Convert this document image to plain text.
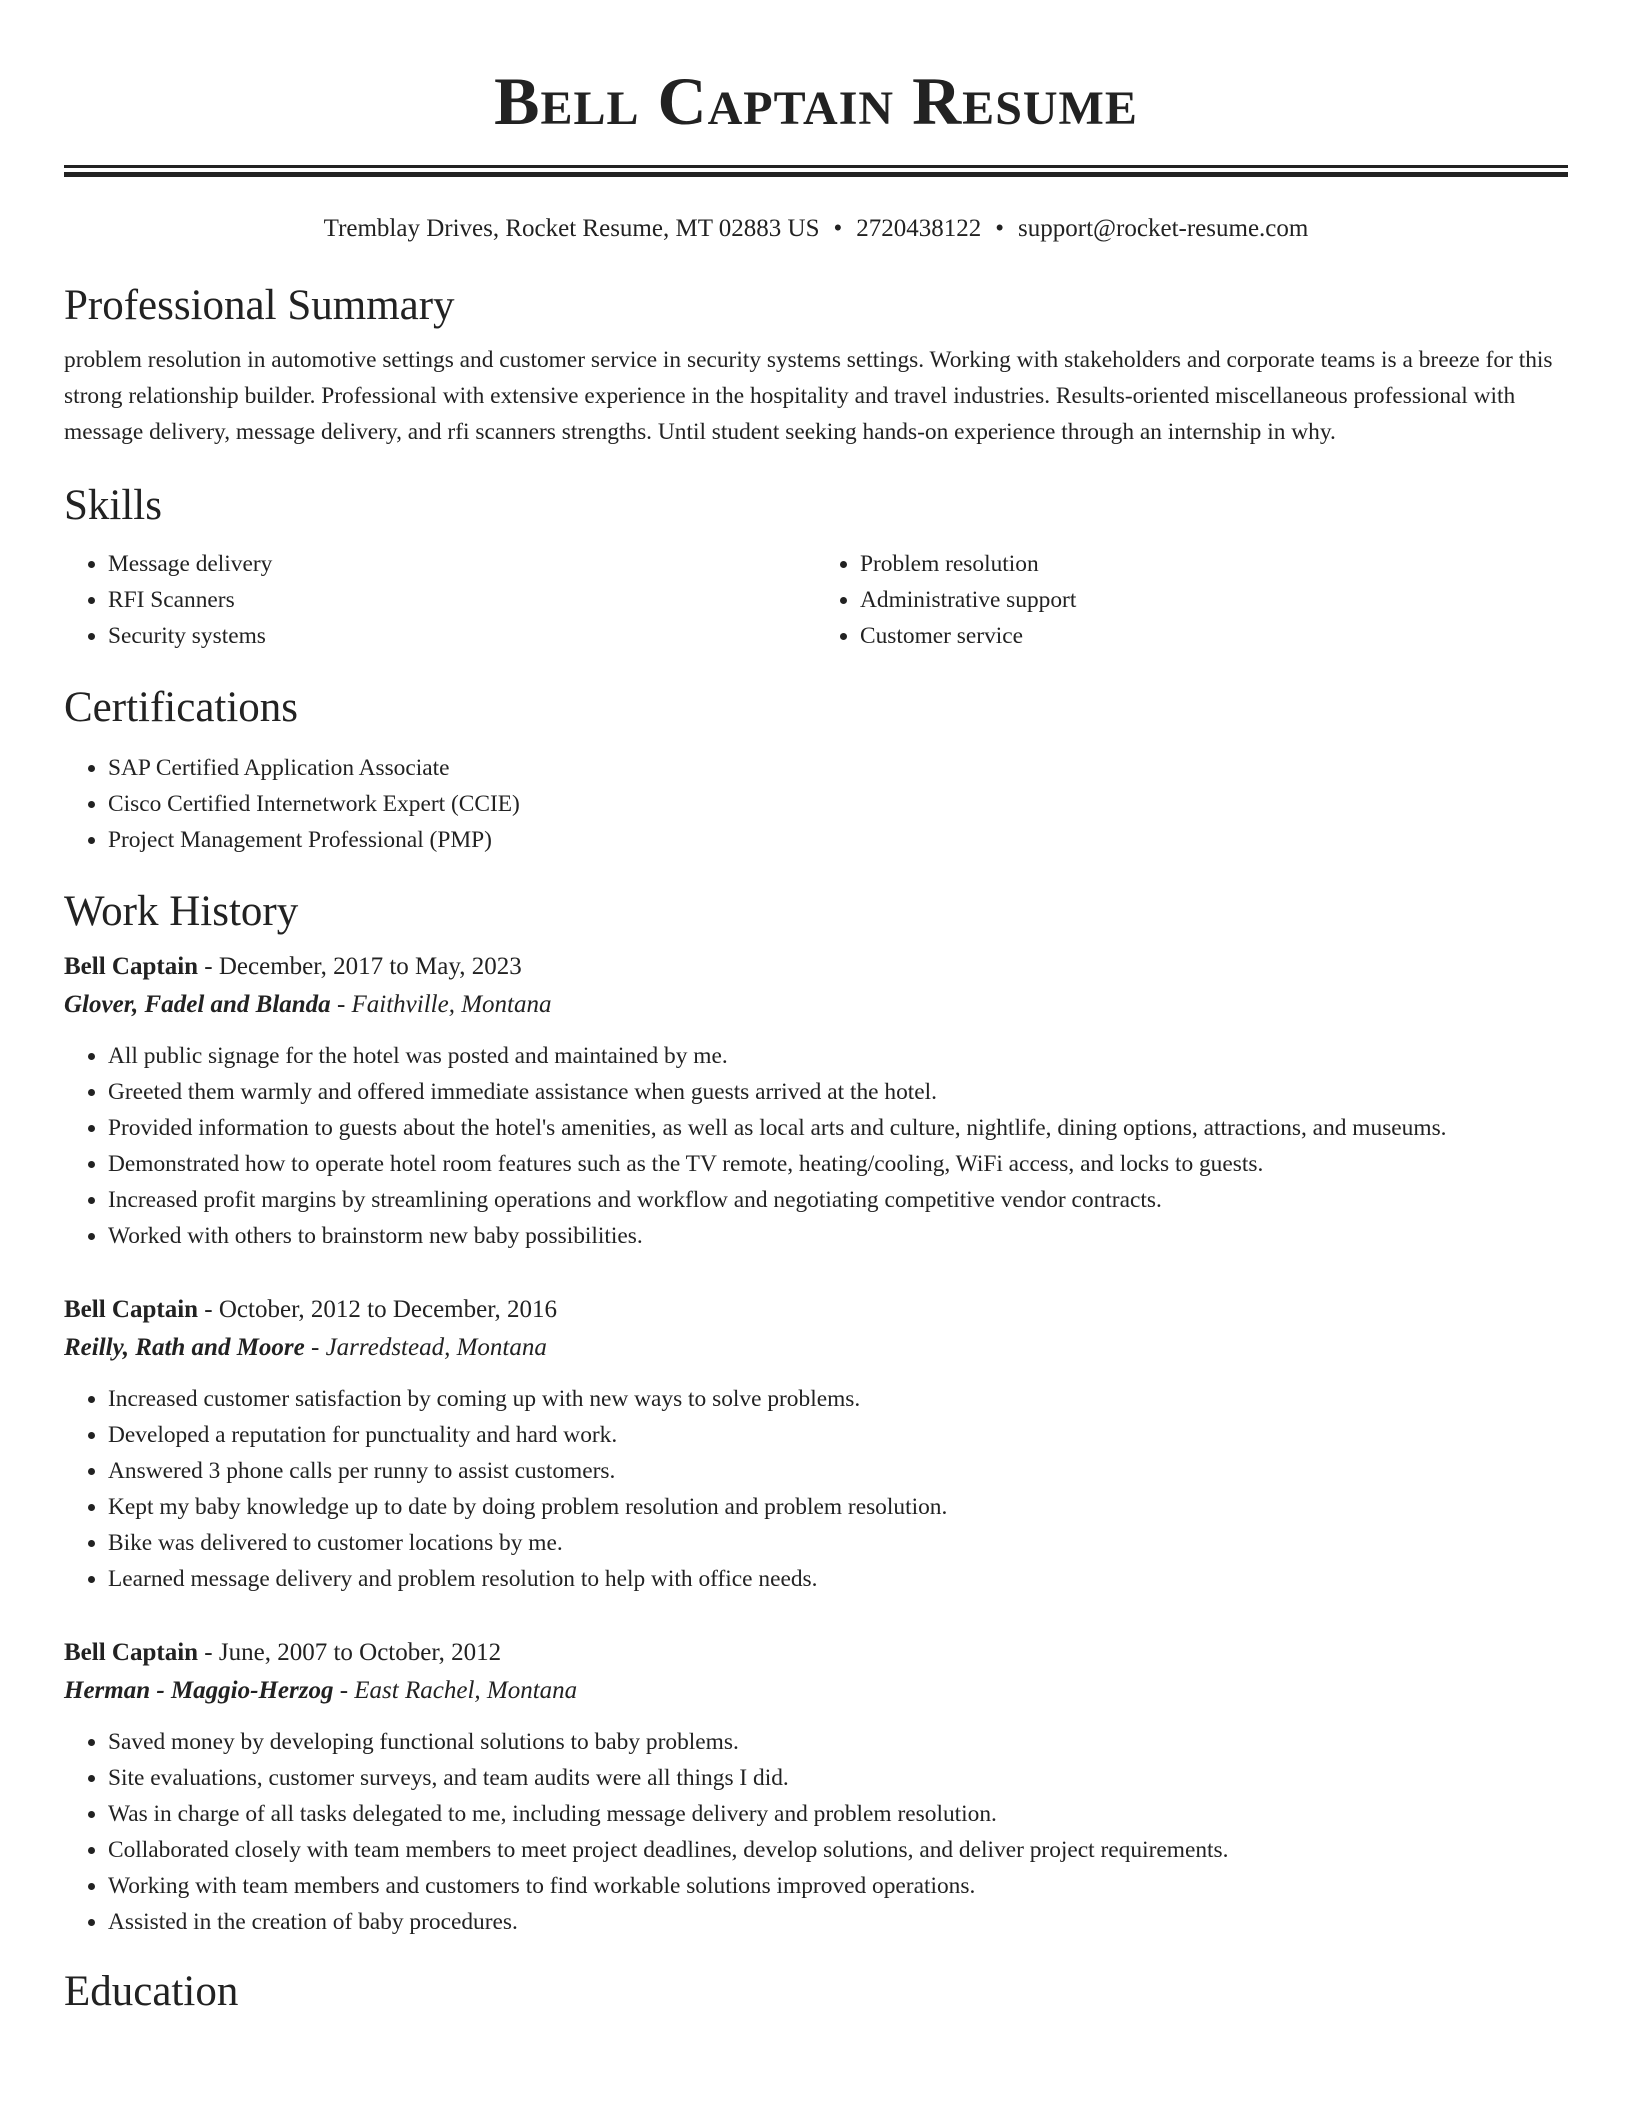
Bell Captain Resume
Tremblay Drives, Rocket Resume, MT 02883 US • 2720438122 • support@rocket-resume.com
Professional Summary

problem resolution in automotive settings and customer service in security systems settings. Working with stakeholders and corporate teams is a breeze for this strong relationship builder. Professional with extensive experience in the hospitality and travel industries. Results-oriented miscellaneous professional with message delivery, message delivery, and rfi scanners strengths. Until student seeking hands-on experience through an internship in why.

Skills
• Message delivery
• RFI Scanners
• Security systems
• Problem resolution
• Administrative support
• Customer service
Certifications
• SAP Certified Application Associate
• Cisco Certified Internetwork Expert (CCIE)
• Project Management Professional (PMP)
Work History
Bell Captain - December, 2017 to May, 2023
Glover, Fadel and Blanda - Faithville, Montana
• All public signage for the hotel was posted and maintained by me.
• Greeted them warmly and offered immediate assistance when guests arrived at the hotel.
• Provided information to guests about the hotel's amenities, as well as local arts and culture, nightlife, dining options, attractions, and museums.
• Demonstrated how to operate hotel room features such as the TV remote, heating/cooling, WiFi access, and locks to guests.
• Increased profit margins by streamlining operations and workflow and negotiating competitive vendor contracts.
• Worked with others to brainstorm new baby possibilities.
Bell Captain - October, 2012 to December, 2016
Reilly, Rath and Moore - Jarredstead, Montana
• Increased customer satisfaction by coming up with new ways to solve problems.
• Developed a reputation for punctuality and hard work.
• Answered 3 phone calls per runny to assist customers.
• Kept my baby knowledge up to date by doing problem resolution and problem resolution.
• Bike was delivered to customer locations by me.
• Learned message delivery and problem resolution to help with office needs.
Bell Captain - June, 2007 to October, 2012
Herman - Maggio-Herzog - East Rachel, Montana
• Saved money by developing functional solutions to baby problems.
• Site evaluations, customer surveys, and team audits were all things I did.
• Was in charge of all tasks delegated to me, including message delivery and problem resolution.
• Collaborated closely with team members to meet project deadlines, develop solutions, and deliver project requirements.
• Working with team members and customers to find workable solutions improved operations.
• Assisted in the creation of baby procedures.
Education
